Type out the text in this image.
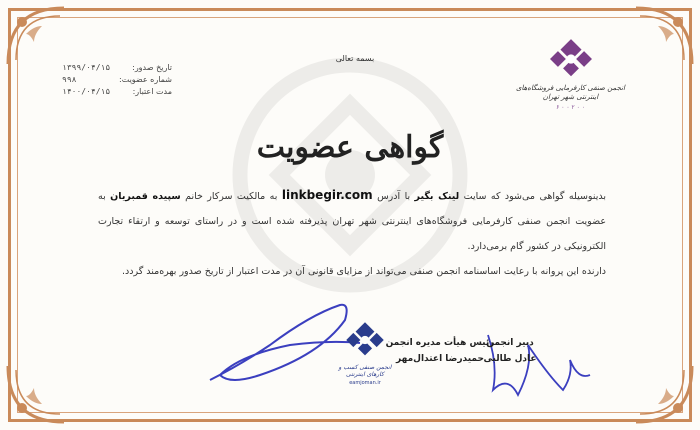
بسمه تعالی
تاریخ صدور:
۱۳۹۹/۰۴/۱۵
شماره عضویت:
۹۹۸
مدت اعتبار:
۱۴۰۰/۰۴/۱۵	انجمن صنفی کارفرمایی فروشگاه‌های اینترنتی شهر تهران
۶ ۰ ۰ ۲ ۰ ۰
گواهی عضویت
بدینوسیله گواهی می‌شود که سایت لینک بگیر با آدرس linkbegir.com به مالکیت سرکار خانم سپیده قمبریان به عضویت انجمن صنفی کارفرمایی فروشگاه‌های اینترنتی شهر تهران پذیرفته شده است و در راستای توسعه و ارتقاء تجارت الکترونیکی در کشور گام برمی‌دارد.
دارنده این پروانه با رعایت اساسنامه انجمن صنفی می‌تواند از مزایای قانونی آن در مدت اعتبار از تاریخ صدور بهره‌مند گردد.
رئیس هیأت مدیره انجمن
حمیدرضا اعتدال‌مهر
دبیر انجمن
عادل طالبی
انجمن صنفی کسب و کارهای اینترنتی
eamjoman.ir
